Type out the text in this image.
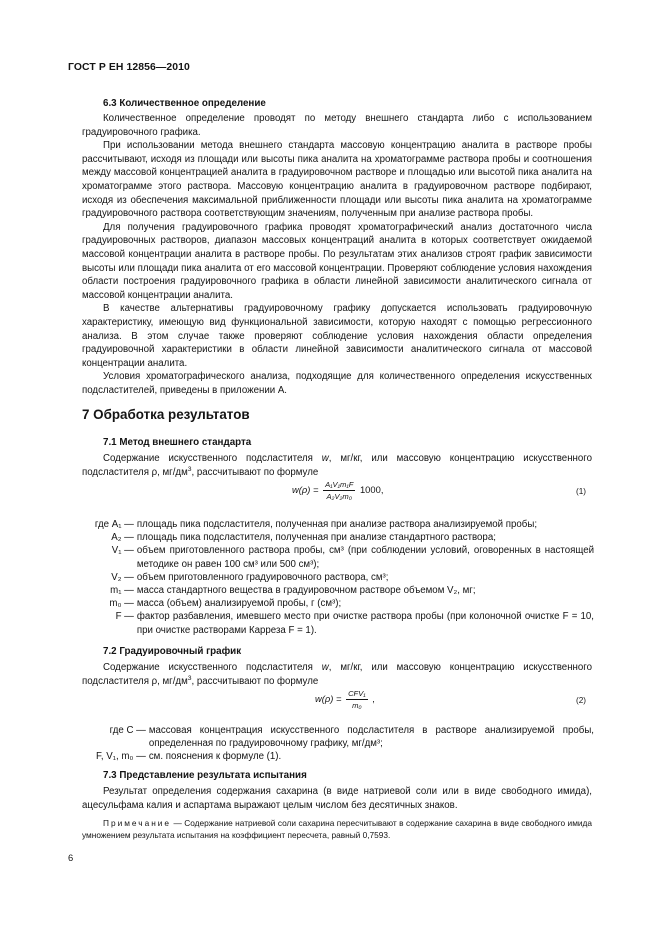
ГОСТ Р ЕН 12856—2010
6.3 Количественное определение

Количественное определение проводят по методу внешнего стандарта либо с использованием градуировочного графика.

При использовании метода внешнего стандарта массовую концентрацию аналита в растворе пробы рассчитывают, исходя из площади или высоты пика аналита на хроматограмме раствора пробы и соотношения между массовой концентрацией аналита в градуировочном растворе и площадью или высотой пика аналита на хроматограмме этого раствора. Массовую концентрацию аналита в градуировочном растворе подбирают, исходя из обеспечения максимальной приближенности площади или высоты пика аналита на хроматограмме градуировочного раствора соответствующим значениям, полученным при анализе раствора пробы.

Для получения градуировочного графика проводят хроматографический анализ достаточного числа градуировочных растворов, диапазон массовых концентраций аналита в которых соответствует ожидаемой массовой концентрации аналита в растворе пробы. По результатам этих анализов строят график зависимости высоты или площади пика аналита от его массовой концентрации. Проверяют соблюдение условия нахождения области построения градуировочного графика в области линейной зависимости аналитического сигнала от массовой концентрации аналита.

В качестве альтернативы градуировочному графику допускается использовать градуировочную характеристику, имеющую вид функциональной зависимости, которую находят с помощью регрессионного анализа. В этом случае также проверяют соблюдение условия нахождения области определения градуировочной характеристики в области линейной зависимости аналитического сигнала от массовой концентрации аналита.

Условия хроматографического анализа, подходящие для количественного определения искусственных подсластителей, приведены в приложении А.

7 Обработка результатов
7.1 Метод внешнего стандарта

Содержание искусственного подсластителя w, мг/кг, или массовую концентрацию искусственного подсластителя ρ, $мг/дм^3$, рассчитывают по формуле

$w(\rho) = \frac{\text{A₁V₁m₁F}}{\text{A₂V₂m₀}} 1000$,	(1)
где A₁ — площадь пика подсластителя, полученная при анализе раствора анализируемой пробы;
A₂ — площадь пика подсластителя, полученная при анализе стандартного раствора;
V₁ — объем приготовленного раствора пробы, см³ (при соблюдении условий, оговоренных в настоящей методике он равен 100 см³ или 500 см³);
V₂ — объем приготовленного градуировочного раствора, см³;
m₁ — масса стандартного вещества в градуировочном растворе объемом V₂, мг;
m₀ — масса (объем) анализируемой пробы, г (см³);
F — фактор разбавления, имевшего место при очистке раствора пробы (при колоночной очистке F = 10, при очистке растворами Карреза F = 1).
7.2 Градуировочный график

Содержание искусственного подсластителя w, мг/кг, или массовую концентрацию искусственного подсластителя ρ, $мг/дм^3$, рассчитывают по формуле

$w(\rho) = \frac{\text{CFV₁}}{\text{m₀}}$ ,	(2)
где C — массовая концентрация искусственного подсластителя в растворе анализируемой пробы, определенная по градуировочному графику, мг/дм³;
F, V₁, m₀ — см. пояснения к формуле (1).
7.3 Представление результата испытания

Результат определения содержания сахарина (в виде натриевой соли или в виде свободного имида), ацесульфама калия и аспартама выражают целым числом без десятичных знаков.

Примечание — Содержание натриевой соли сахарина пересчитывают в содержание сахарина в виде свободного имида умножением результата испытания на коэффициент пересчета, равный 0,7593.
6
